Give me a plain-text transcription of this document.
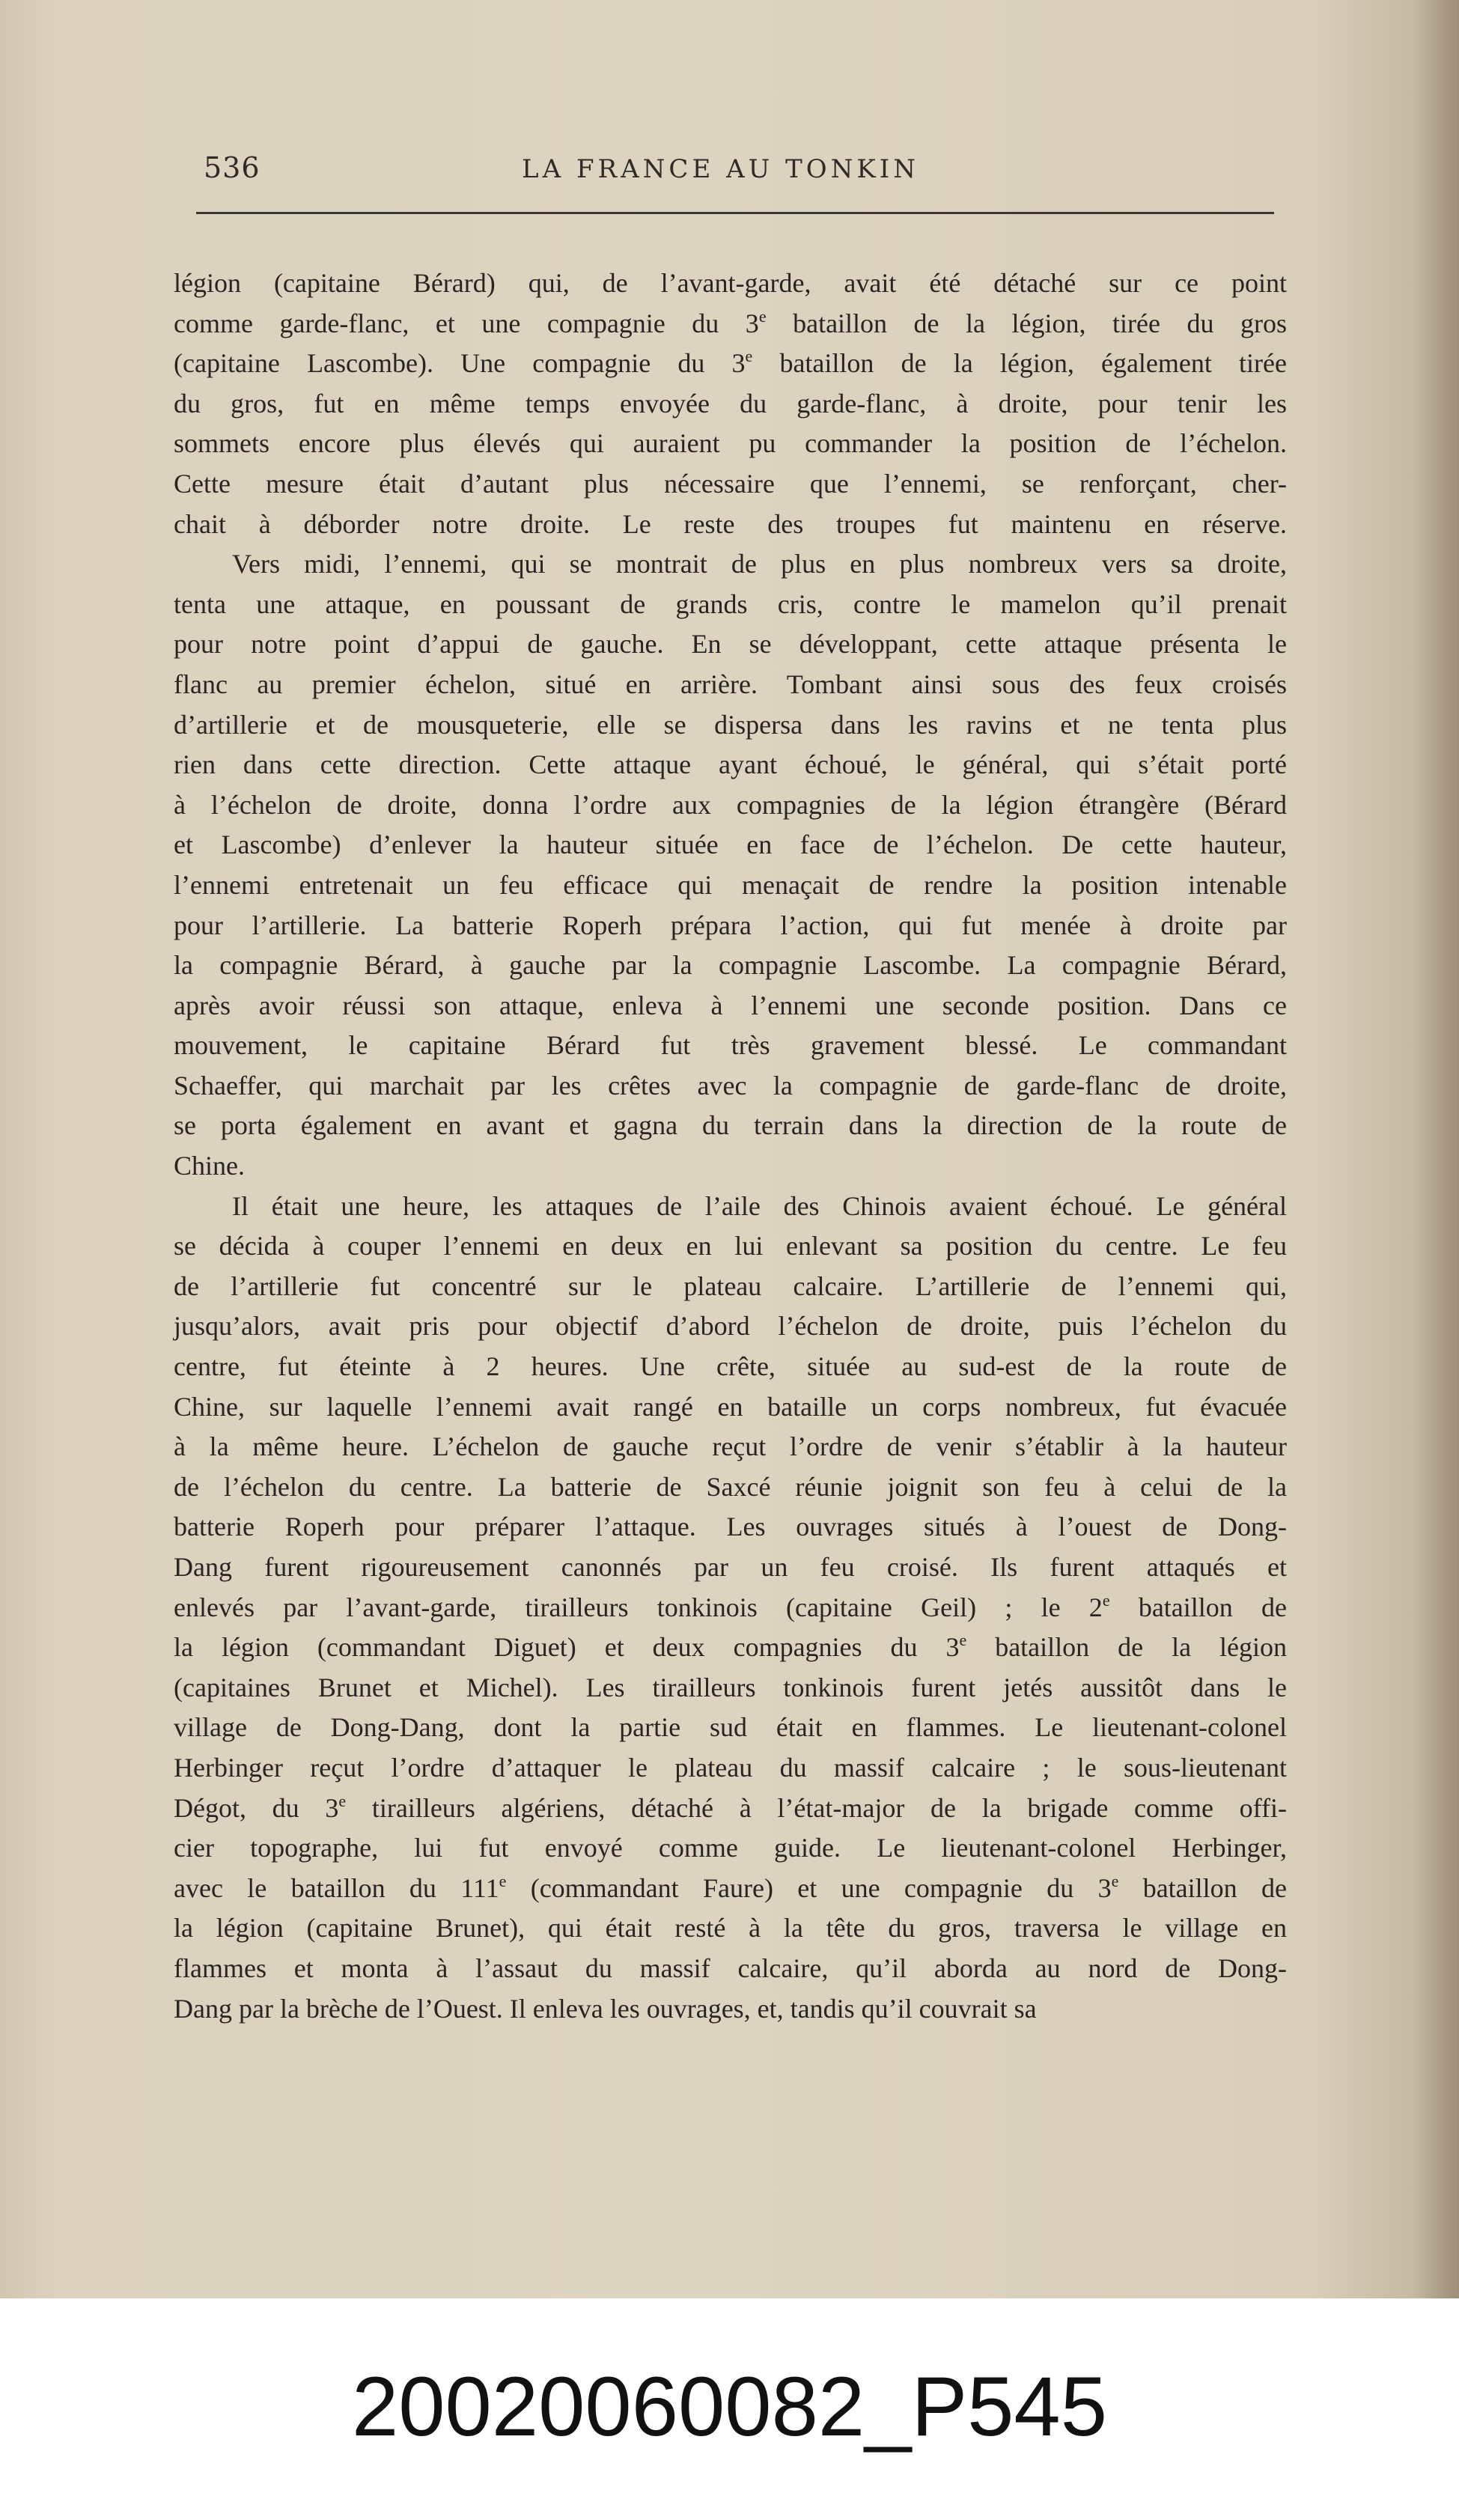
536	LA FRANCE AU TONKIN

légion (capitaine Bérard) qui, de l’avant-garde, avait été détaché sur ce point

comme garde-flanc, et une compagnie du 3e bataillon de la légion, tirée du gros

(capitaine Lascombe). Une compagnie du 3e bataillon de la légion, également tirée

du gros, fut en même temps envoyée du garde-flanc, à droite, pour tenir les

sommets encore plus élevés qui auraient pu commander la position de l’échelon.

Cette mesure était d’autant plus nécessaire que l’ennemi, se renforçant, cher-

chait à déborder notre droite. Le reste des troupes fut maintenu en réserve.

Vers midi, l’ennemi, qui se montrait de plus en plus nombreux vers sa droite,

tenta une attaque, en poussant de grands cris, contre le mamelon qu’il prenait

pour notre point d’appui de gauche. En se développant, cette attaque présenta le

flanc au premier échelon, situé en arrière. Tombant ainsi sous des feux croisés

d’artillerie et de mousqueterie, elle se dispersa dans les ravins et ne tenta plus

rien dans cette direction. Cette attaque ayant échoué, le général, qui s’était porté

à l’échelon de droite, donna l’ordre aux compagnies de la légion étrangère (Bérard

et Lascombe) d’enlever la hauteur située en face de l’échelon. De cette hauteur,

l’ennemi entretenait un feu efficace qui menaçait de rendre la position intenable

pour l’artillerie. La batterie Roperh prépara l’action, qui fut menée à droite par

la compagnie Bérard, à gauche par la compagnie Lascombe. La compagnie Bérard,

après avoir réussi son attaque, enleva à l’ennemi une seconde position. Dans ce

mouvement, le capitaine Bérard fut très gravement blessé. Le commandant

Schaeffer, qui marchait par les crêtes avec la compagnie de garde-flanc de droite,

se porta également en avant et gagna du terrain dans la direction de la route de

Chine.

Il était une heure, les attaques de l’aile des Chinois avaient échoué. Le général

se décida à couper l’ennemi en deux en lui enlevant sa position du centre. Le feu

de l’artillerie fut concentré sur le plateau calcaire. L’artillerie de l’ennemi qui,

jusqu’alors, avait pris pour objectif d’abord l’échelon de droite, puis l’échelon du

centre, fut éteinte à 2 heures. Une crête, située au sud-est de la route de

Chine, sur laquelle l’ennemi avait rangé en bataille un corps nombreux, fut évacuée

à la même heure. L’échelon de gauche reçut l’ordre de venir s’établir à la hauteur

de l’échelon du centre. La batterie de Saxcé réunie joignit son feu à celui de la

batterie Roperh pour préparer l’attaque. Les ouvrages situés à l’ouest de Dong-

Dang furent rigoureusement canonnés par un feu croisé. Ils furent attaqués et

enlevés par l’avant-garde, tirailleurs tonkinois (capitaine Geil) ; le 2e bataillon de

la légion (commandant Diguet) et deux compagnies du 3e bataillon de la légion

(capitaines Brunet et Michel). Les tirailleurs tonkinois furent jetés aussitôt dans le

village de Dong-Dang, dont la partie sud était en flammes. Le lieutenant-colonel

Herbinger reçut l’ordre d’attaquer le plateau du massif calcaire ; le sous-lieutenant

Dégot, du 3e tirailleurs algériens, détaché à l’état-major de la brigade comme offi-

cier topographe, lui fut envoyé comme guide. Le lieutenant-colonel Herbinger,

avec le bataillon du 111e (commandant Faure) et une compagnie du 3e bataillon de

la légion (capitaine Brunet), qui était resté à la tête du gros, traversa le village en

flammes et monta à l’assaut du massif calcaire, qu’il aborda au nord de Dong-

Dang par la brèche de l’Ouest. Il enleva les ouvrages, et, tandis qu’il couvrait sa

20020060082_P545
